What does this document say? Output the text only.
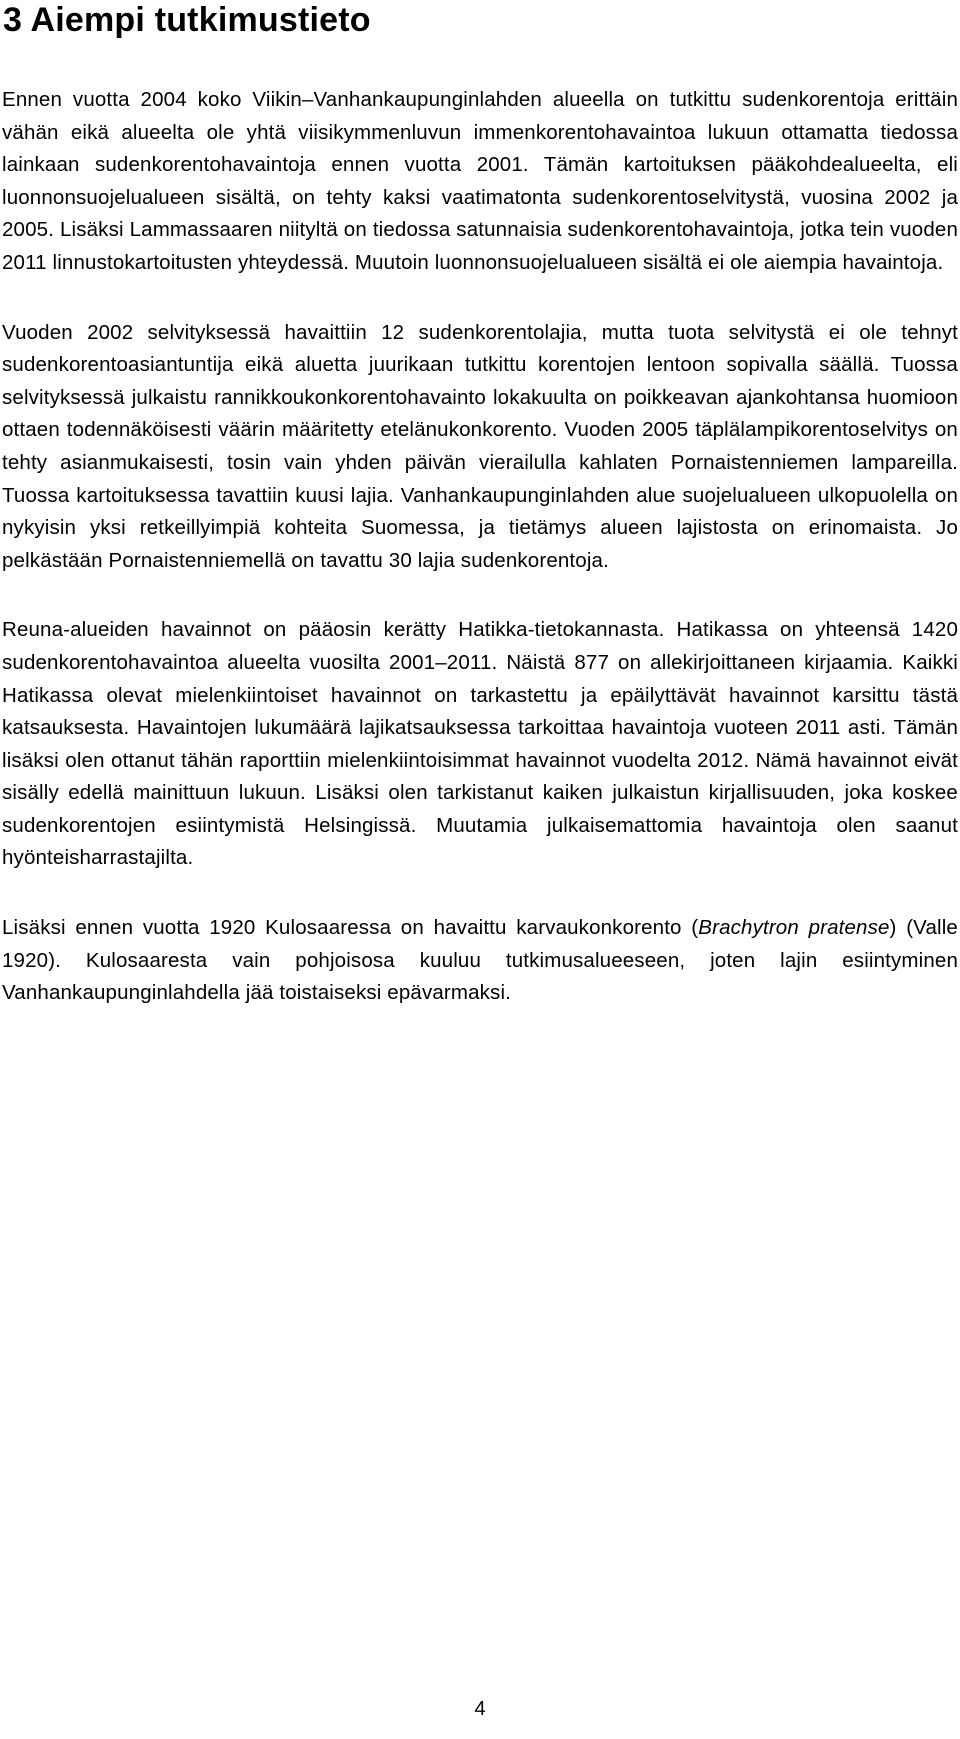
3 Aiempi tutkimustieto

Ennen vuotta 2004 koko Viikin–Vanhankaupunginlahden alueella on tutkittu sudenkorentoja erittäin vähän eikä alueelta ole yhtä viisikymmenluvun immenkorentohavaintoa lukuun ottamatta tiedossa lainkaan sudenkorentohavaintoja ennen vuotta 2001. Tämän kartoituksen pääkohdealueelta, eli luonnonsuojelualueen sisältä, on tehty kaksi vaatimatonta sudenkorentoselvitystä, vuosina 2002 ja 2005. Lisäksi Lammassaaren niityltä on tiedossa satunnaisia sudenkorentohavaintoja, jotka tein vuoden 2011 linnustokartoitusten yhteydessä. Muutoin luonnonsuojelualueen sisältä ei ole aiempia havaintoja.

Vuoden 2002 selvityksessä havaittiin 12 sudenkorentolajia, mutta tuota selvitystä ei ole tehnyt sudenkorentoasiantuntija eikä aluetta juurikaan tutkittu korentojen lentoon sopivalla säällä. Tuossa selvityksessä julkaistu rannikkoukonkorentohavainto lokakuulta on poikkeavan ajankohtansa huomioon ottaen todennäköisesti väärin määritetty etelänukonkorento. Vuoden 2005 täplälampikorentoselvitys on tehty asianmukaisesti, tosin vain yhden päivän vierailulla kahlaten Pornaistenniemen lampareilla. Tuossa kartoituksessa tavattiin kuusi lajia. Vanhankaupunginlahden alue suojelualueen ulkopuolella on nykyisin yksi retkeillyimpiä kohteita Suomessa, ja tietämys alueen lajistosta on erinomaista. Jo pelkästään Pornaistenniemellä on tavattu 30 lajia sudenkorentoja.

Reuna-alueiden havainnot on pääosin kerätty Hatikka-tietokannasta. Hatikassa on yhteensä 1420 sudenkorentohavaintoa alueelta vuosilta 2001–2011. Näistä 877 on allekirjoittaneen kirjaamia. Kaikki Hatikassa olevat mielenkiintoiset havainnot on tarkastettu ja epäilyttävät havainnot karsittu tästä katsauksesta. Havaintojen lukumäärä lajikatsauksessa tarkoittaa havaintoja vuoteen 2011 asti. Tämän lisäksi olen ottanut tähän raporttiin mielenkiintoisimmat havainnot vuodelta 2012. Nämä havainnot eivät sisälly edellä mainittuun lukuun. Lisäksi olen tarkistanut kaiken julkaistun kirjallisuuden, joka koskee sudenkorentojen esiintymistä Helsingissä. Muutamia julkaisemattomia havaintoja olen saanut hyönteisharrastajilta.

Lisäksi ennen vuotta 1920 Kulosaaressa on havaittu karvaukonkorento (Brachytron pratense) (Valle 1920). Kulosaaresta vain pohjoisosa kuuluu tutkimusalueeseen, joten lajin esiintyminen Vanhankaupunginlahdella jää toistaiseksi epävarmaksi.

4
